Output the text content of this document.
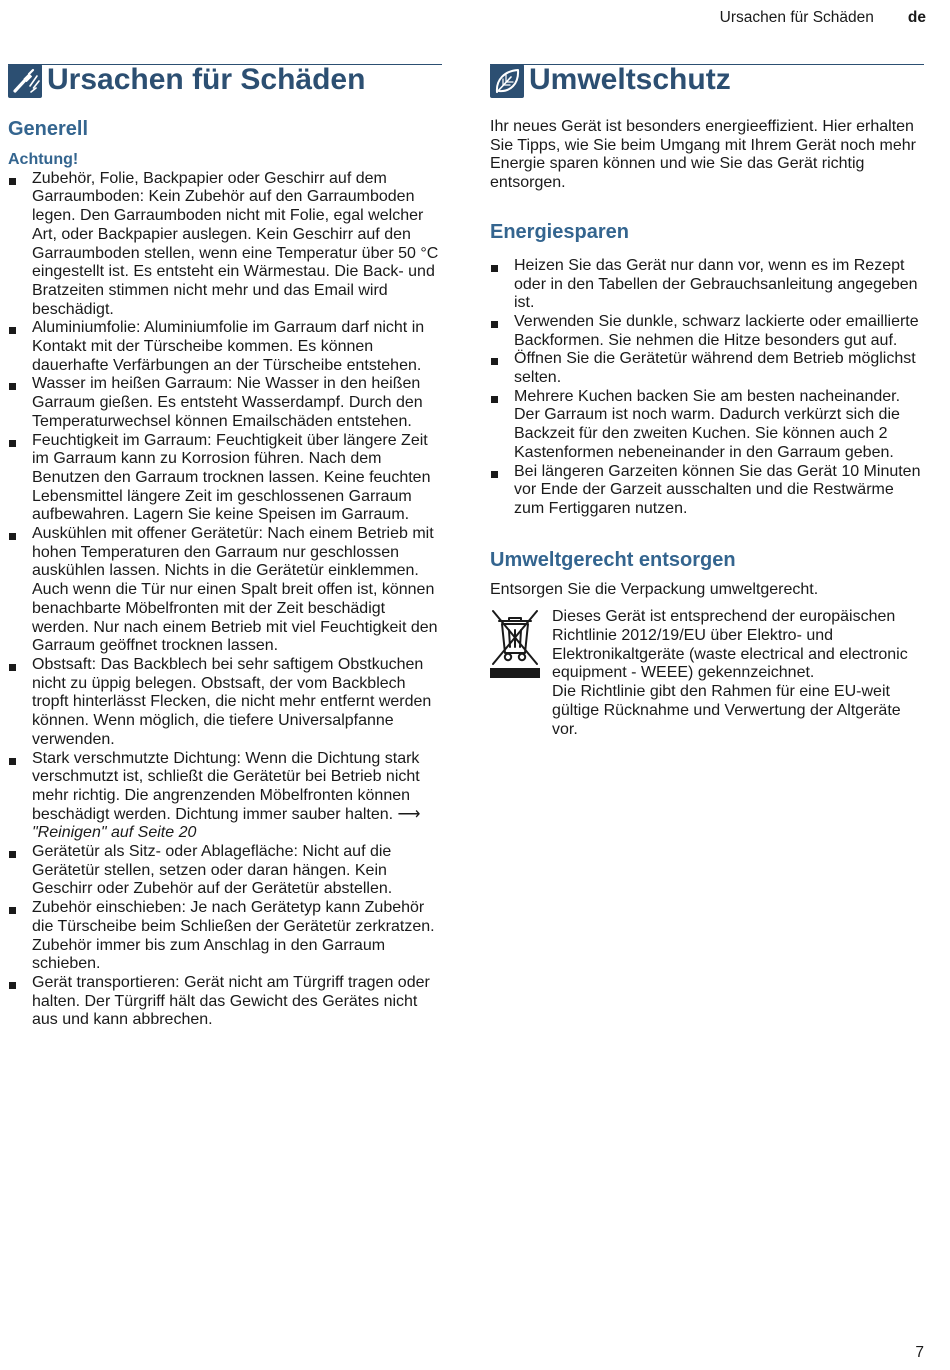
Ursachen für Schäden de
Ursachen für Schäden
Generell
Achtung!
Zubehör, Folie, Backpapier oder Geschirr auf dem Garraumboden: Kein Zubehör auf den Garraumboden legen. Den Garraumboden nicht mit Folie, egal welcher Art, oder Backpapier auslegen. Kein Geschirr auf den Garraumboden stellen, wenn eine Temperatur über 50 °C eingestellt ist. Es entsteht ein Wärmestau. Die Back- und Bratzeiten stimmen nicht mehr und das Email wird beschädigt.
Aluminiumfolie: Aluminiumfolie im Garraum darf nicht in Kontakt mit der Türscheibe kommen. Es können dauerhafte Verfärbungen an der Türscheibe entstehen.
Wasser im heißen Garraum: Nie Wasser in den heißen Garraum gießen. Es entsteht Wasserdampf. Durch den Temperaturwechsel können Emailschäden entstehen.
Feuchtigkeit im Garraum: Feuchtigkeit über längere Zeit im Garraum kann zu Korrosion führen. Nach dem Benutzen den Garraum trocknen lassen. Keine feuchten Lebensmittel längere Zeit im geschlossenen Garraum aufbewahren. Lagern Sie keine Speisen im Garraum.
Auskühlen mit offener Gerätetür: Nach einem Betrieb mit hohen Temperaturen den Garraum nur geschlossen auskühlen lassen. Nichts in die Gerätetür einklemmen. Auch wenn die Tür nur einen Spalt breit offen ist, können benachbarte Möbelfronten mit der Zeit beschädigt werden. Nur nach einem Betrieb mit viel Feuchtigkeit den Garraum geöffnet trocknen lassen.
Obstsaft: Das Backblech bei sehr saftigem Obstkuchen nicht zu üppig belegen. Obstsaft, der vom Backblech tropft hinterlässt Flecken, die nicht mehr entfernt werden können. Wenn möglich, die tiefere Universalpfanne verwenden.
Stark verschmutzte Dichtung: Wenn die Dichtung stark verschmutzt ist, schließt die Gerätetür bei Betrieb nicht mehr richtig. Die angrenzenden Möbelfronten können beschädigt werden. Dichtung immer sauber halten. ⟶ "Reinigen" auf Seite 20
Gerätetür als Sitz- oder Ablagefläche: Nicht auf die Gerätetür stellen, setzen oder daran hängen. Kein Geschirr oder Zubehör auf der Gerätetür abstellen.
Zubehör einschieben: Je nach Gerätetyp kann Zubehör die Türscheibe beim Schließen der Gerätetür zerkratzen. Zubehör immer bis zum Anschlag in den Garraum schieben.
Gerät transportieren: Gerät nicht am Türgriff tragen oder halten. Der Türgriff hält das Gewicht des Gerätes nicht aus und kann abbrechen.
Umweltschutz

Ihr neues Gerät ist besonders energieeffizient. Hier erhalten Sie Tipps, wie Sie beim Umgang mit Ihrem Gerät noch mehr Energie sparen können und wie Sie das Gerät richtig entsorgen.

Energiesparen
Heizen Sie das Gerät nur dann vor, wenn es im Rezept oder in den Tabellen der Gebrauchsanleitung angegeben ist.
Verwenden Sie dunkle, schwarz lackierte oder emaillierte Backformen. Sie nehmen die Hitze besonders gut auf.
Öffnen Sie die Gerätetür während dem Betrieb möglichst selten.
Mehrere Kuchen backen Sie am besten nacheinander. Der Garraum ist noch warm. Dadurch verkürzt sich die Backzeit für den zweiten Kuchen. Sie können auch 2 Kastenformen nebeneinander in den Garraum geben.
Bei längeren Garzeiten können Sie das Gerät 10 Minuten vor Ende der Garzeit ausschalten und die Restwärme zum Fertiggaren nutzen.
Umweltgerecht entsorgen

Entsorgen Sie die Verpackung umweltgerecht.

Dieses Gerät ist entsprechend der europäischen Richtlinie 2012/19/EU über Elektro- und Elektronikaltgeräte (waste electrical and electronic equipment - WEEE) gekennzeichnet.

Die Richtlinie gibt den Rahmen für eine EU-weit gültige Rücknahme und Verwertung der Altgeräte vor.

7
